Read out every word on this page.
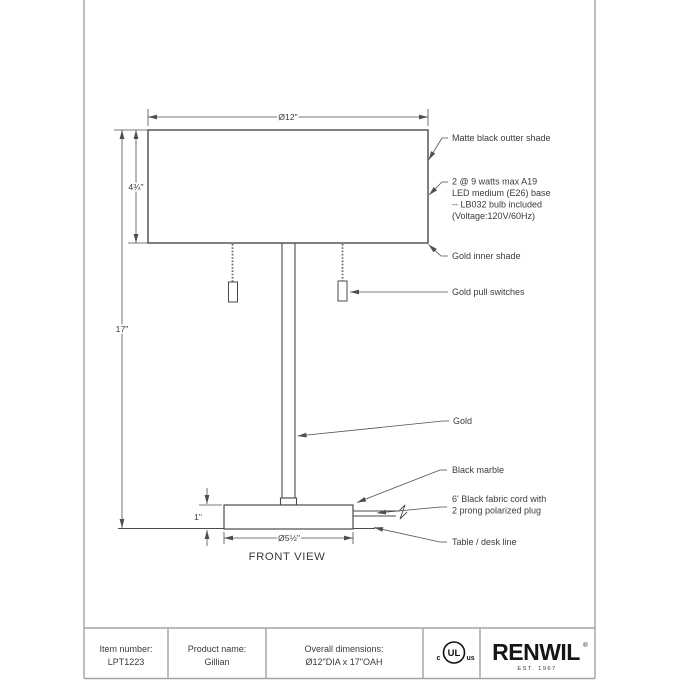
Ø12"
4¾"
17"
1"
Ø5½"
FRONT VIEW
Matte black outter shade
2 @ 9 watts max A19
LED medium (E26) base
-- LB032 bulb included
(Voltage:120V/60Hz)
Gold inner shade
Gold pull switches
Gold
Black marble
6' Black fabric cord with
2 prong polarized plug
Table / desk line
Item number:
LPT1223
Product name:
Gillian
Overall dimensions:
Ø12"DIA x 17"OAH
UL
c	us RENWIL ®
EST. 1967
